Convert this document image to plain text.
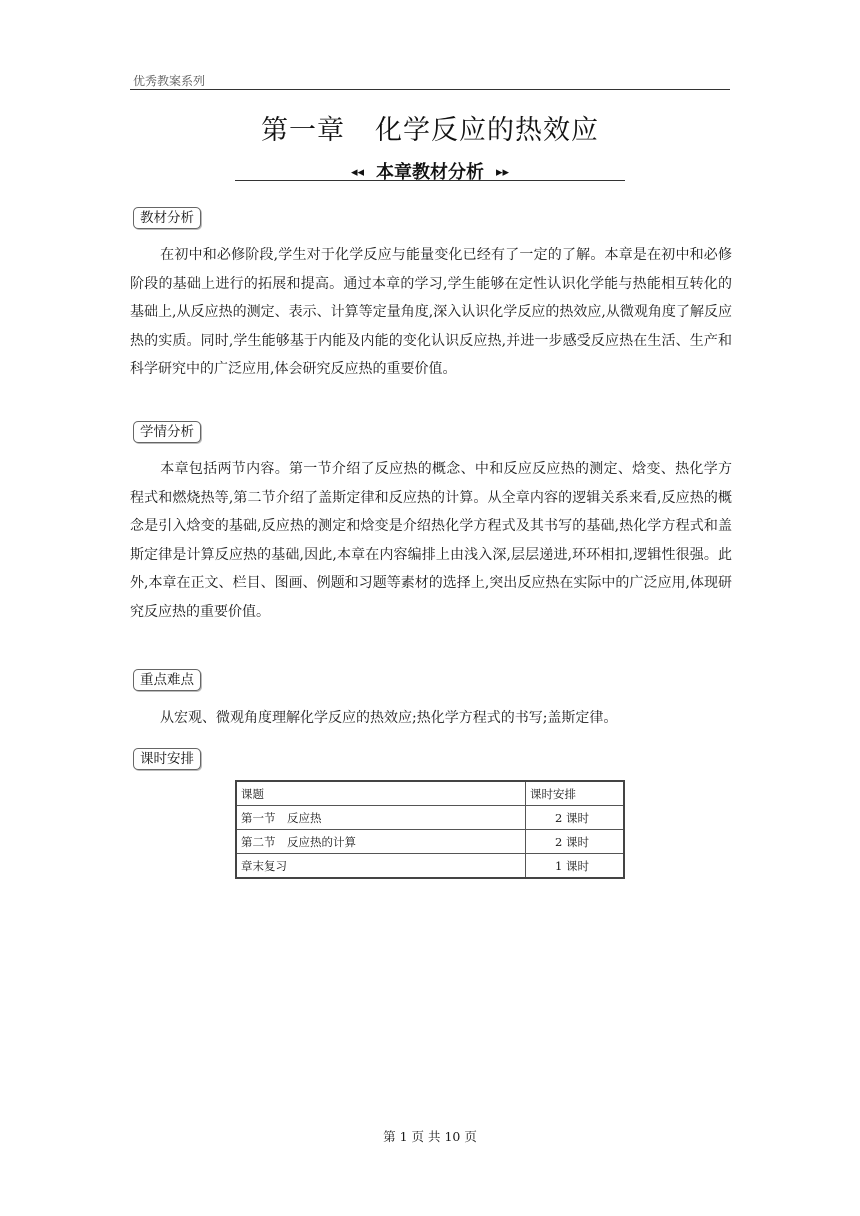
优秀教案系列
第一章 化学反应的热效应
◂◂ 本章教材分析 ▸▸
教材分析

在初中和必修阶段,学生对于化学反应与能量变化已经有了一定的了解。本章是在初中和必修阶段的基础上进行的拓展和提高。通过本章的学习,学生能够在定性认识化学能与热能相互转化的基础上,从反应热的测定、表示、计算等定量角度,深入认识化学反应的热效应,从微观角度了解反应热的实质。同时,学生能够基于内能及内能的变化认识反应热,并进一步感受反应热在生活、生产和科学研究中的广泛应用,体会研究反应热的重要价值。

学情分析

本章包括两节内容。第一节介绍了反应热的概念、中和反应反应热的测定、焓变、热化学方程式和燃烧热等,第二节介绍了盖斯定律和反应热的计算。从全章内容的逻辑关系来看,反应热的概念是引入焓变的基础,反应热的测定和焓变是介绍热化学方程式及其书写的基础,热化学方程式和盖斯定律是计算反应热的基础,因此,本章在内容编排上由浅入深,层层递进,环环相扣,逻辑性很强。此外,本章在正文、栏目、图画、例题和习题等素材的选择上,突出反应热在实际中的广泛应用,体现研究反应热的重要价值。

重点难点

从宏观、微观角度理解化学反应的热效应;热化学方程式的书写;盖斯定律。

课时安排
课题	课时安排
第一节　反应热	2 课时
第二节　反应热的计算	2 课时
章末复习	1 课时
第 1 页 共 10 页
